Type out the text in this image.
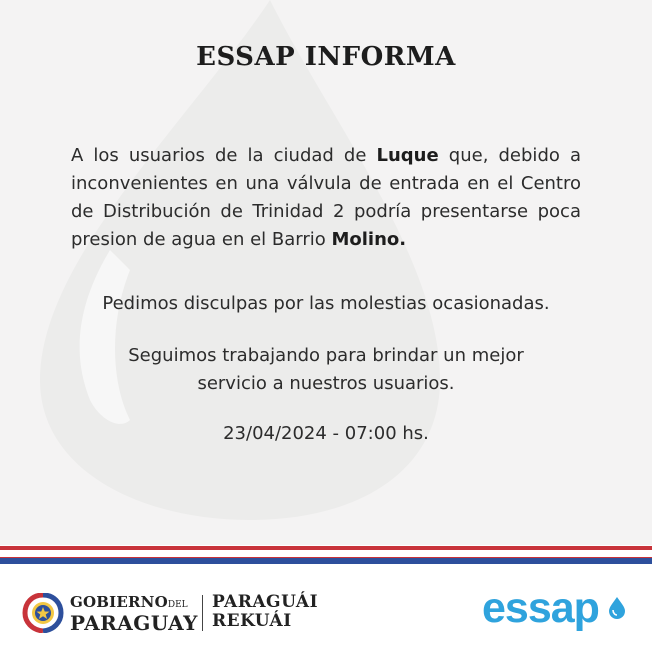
ESSAP INFORMA
A los usuarios de la ciudad de Luque que, debido a inconvenientes en una válvula de entrada en el Centro de Distribución de Trinidad 2 podría presentarse poca presion de agua en el Barrio Molino.
Pedimos disculpas por las molestias ocasionadas.
Seguimos trabajando para brindar un mejor
servicio a nuestros usuarios.
23/04/2024 - 07:00 hs.
GOBIERNODEL
PARAGUAY
PARAGUÁI
REKUÁI	essap
